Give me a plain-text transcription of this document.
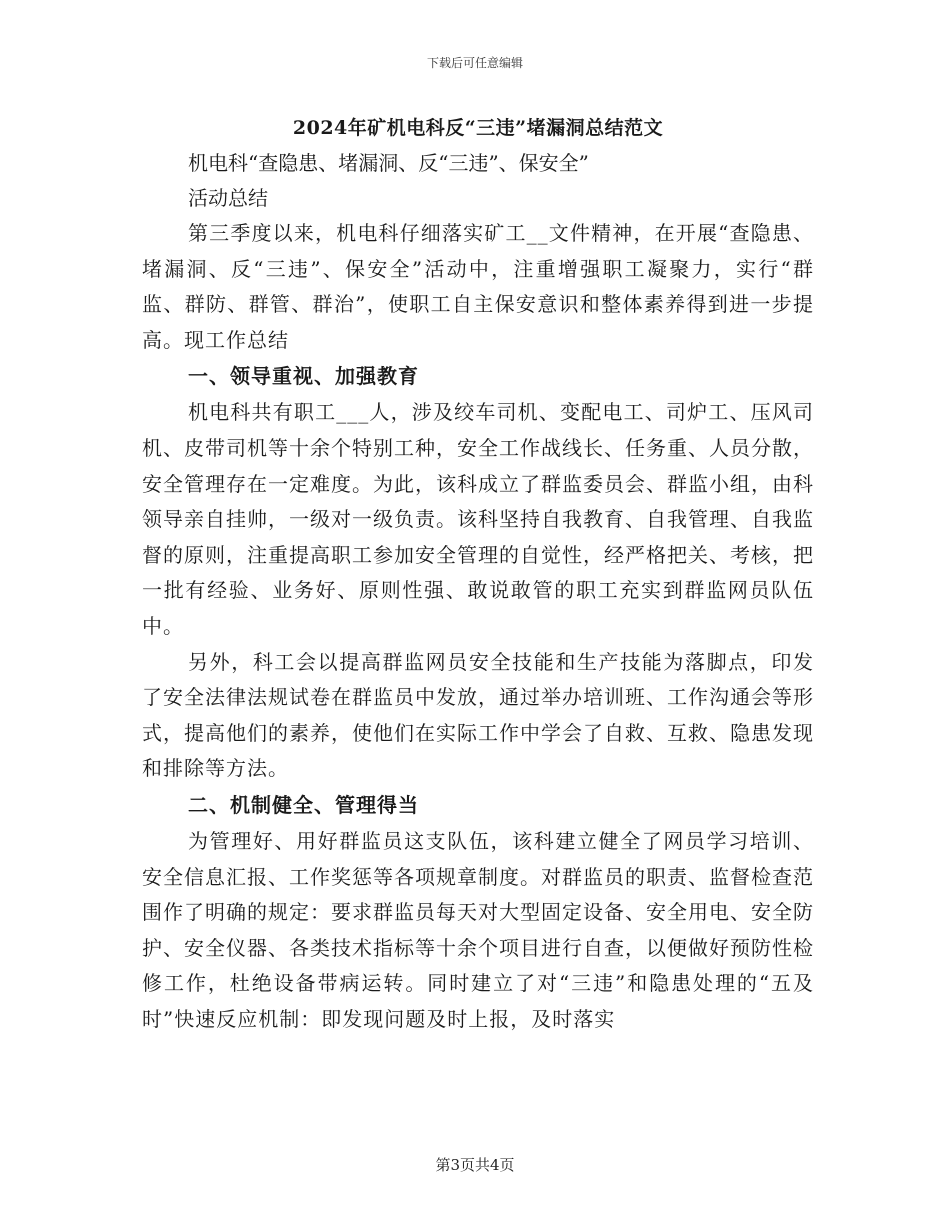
下载后可任意编辑
2024年矿机电科反“三违”堵漏洞总结范文

机电科“查隐患、堵漏洞、反“三违”、保安全”

活动总结

第三季度以来，机电科仔细落实矿工__文件精神，在开展“查隐患、堵漏洞、反“三违”、保安全”活动中，注重增强职工凝聚力，实行“群监、群防、群管、群治”，使职工自主保安意识和整体素养得到进一步提高。现工作总结

一、领导重视、加强教育

机电科共有职工___人，涉及绞车司机、变配电工、司炉工、压风司机、皮带司机等十余个特别工种，安全工作战线长、任务重、人员分散，安全管理存在一定难度。为此，该科成立了群监委员会、群监小组，由科领导亲自挂帅，一级对一级负责。该科坚持自我教育、自我管理、自我监督的原则，注重提高职工参加安全管理的自觉性，经严格把关、考核，把一批有经验、业务好、原则性强、敢说敢管的职工充实到群监网员队伍中。

另外，科工会以提高群监网员安全技能和生产技能为落脚点，印发了安全法律法规试卷在群监员中发放，通过举办培训班、工作沟通会等形式，提高他们的素养，使他们在实际工作中学会了自救、互救、隐患发现和排除等方法。

二、机制健全、管理得当

为管理好、用好群监员这支队伍，该科建立健全了网员学习培训、安全信息汇报、工作奖惩等各项规章制度。对群监员的职责、监督检查范围作了明确的规定：要求群监员每天对大型固定设备、安全用电、安全防护、安全仪器、各类技术指标等十余个项目进行自查，以便做好预防性检修工作，杜绝设备带病运转。同时建立了对“三违”和隐患处理的“五及时”快速反应机制：即发现问题及时上报，及时落实

第3页共4页
